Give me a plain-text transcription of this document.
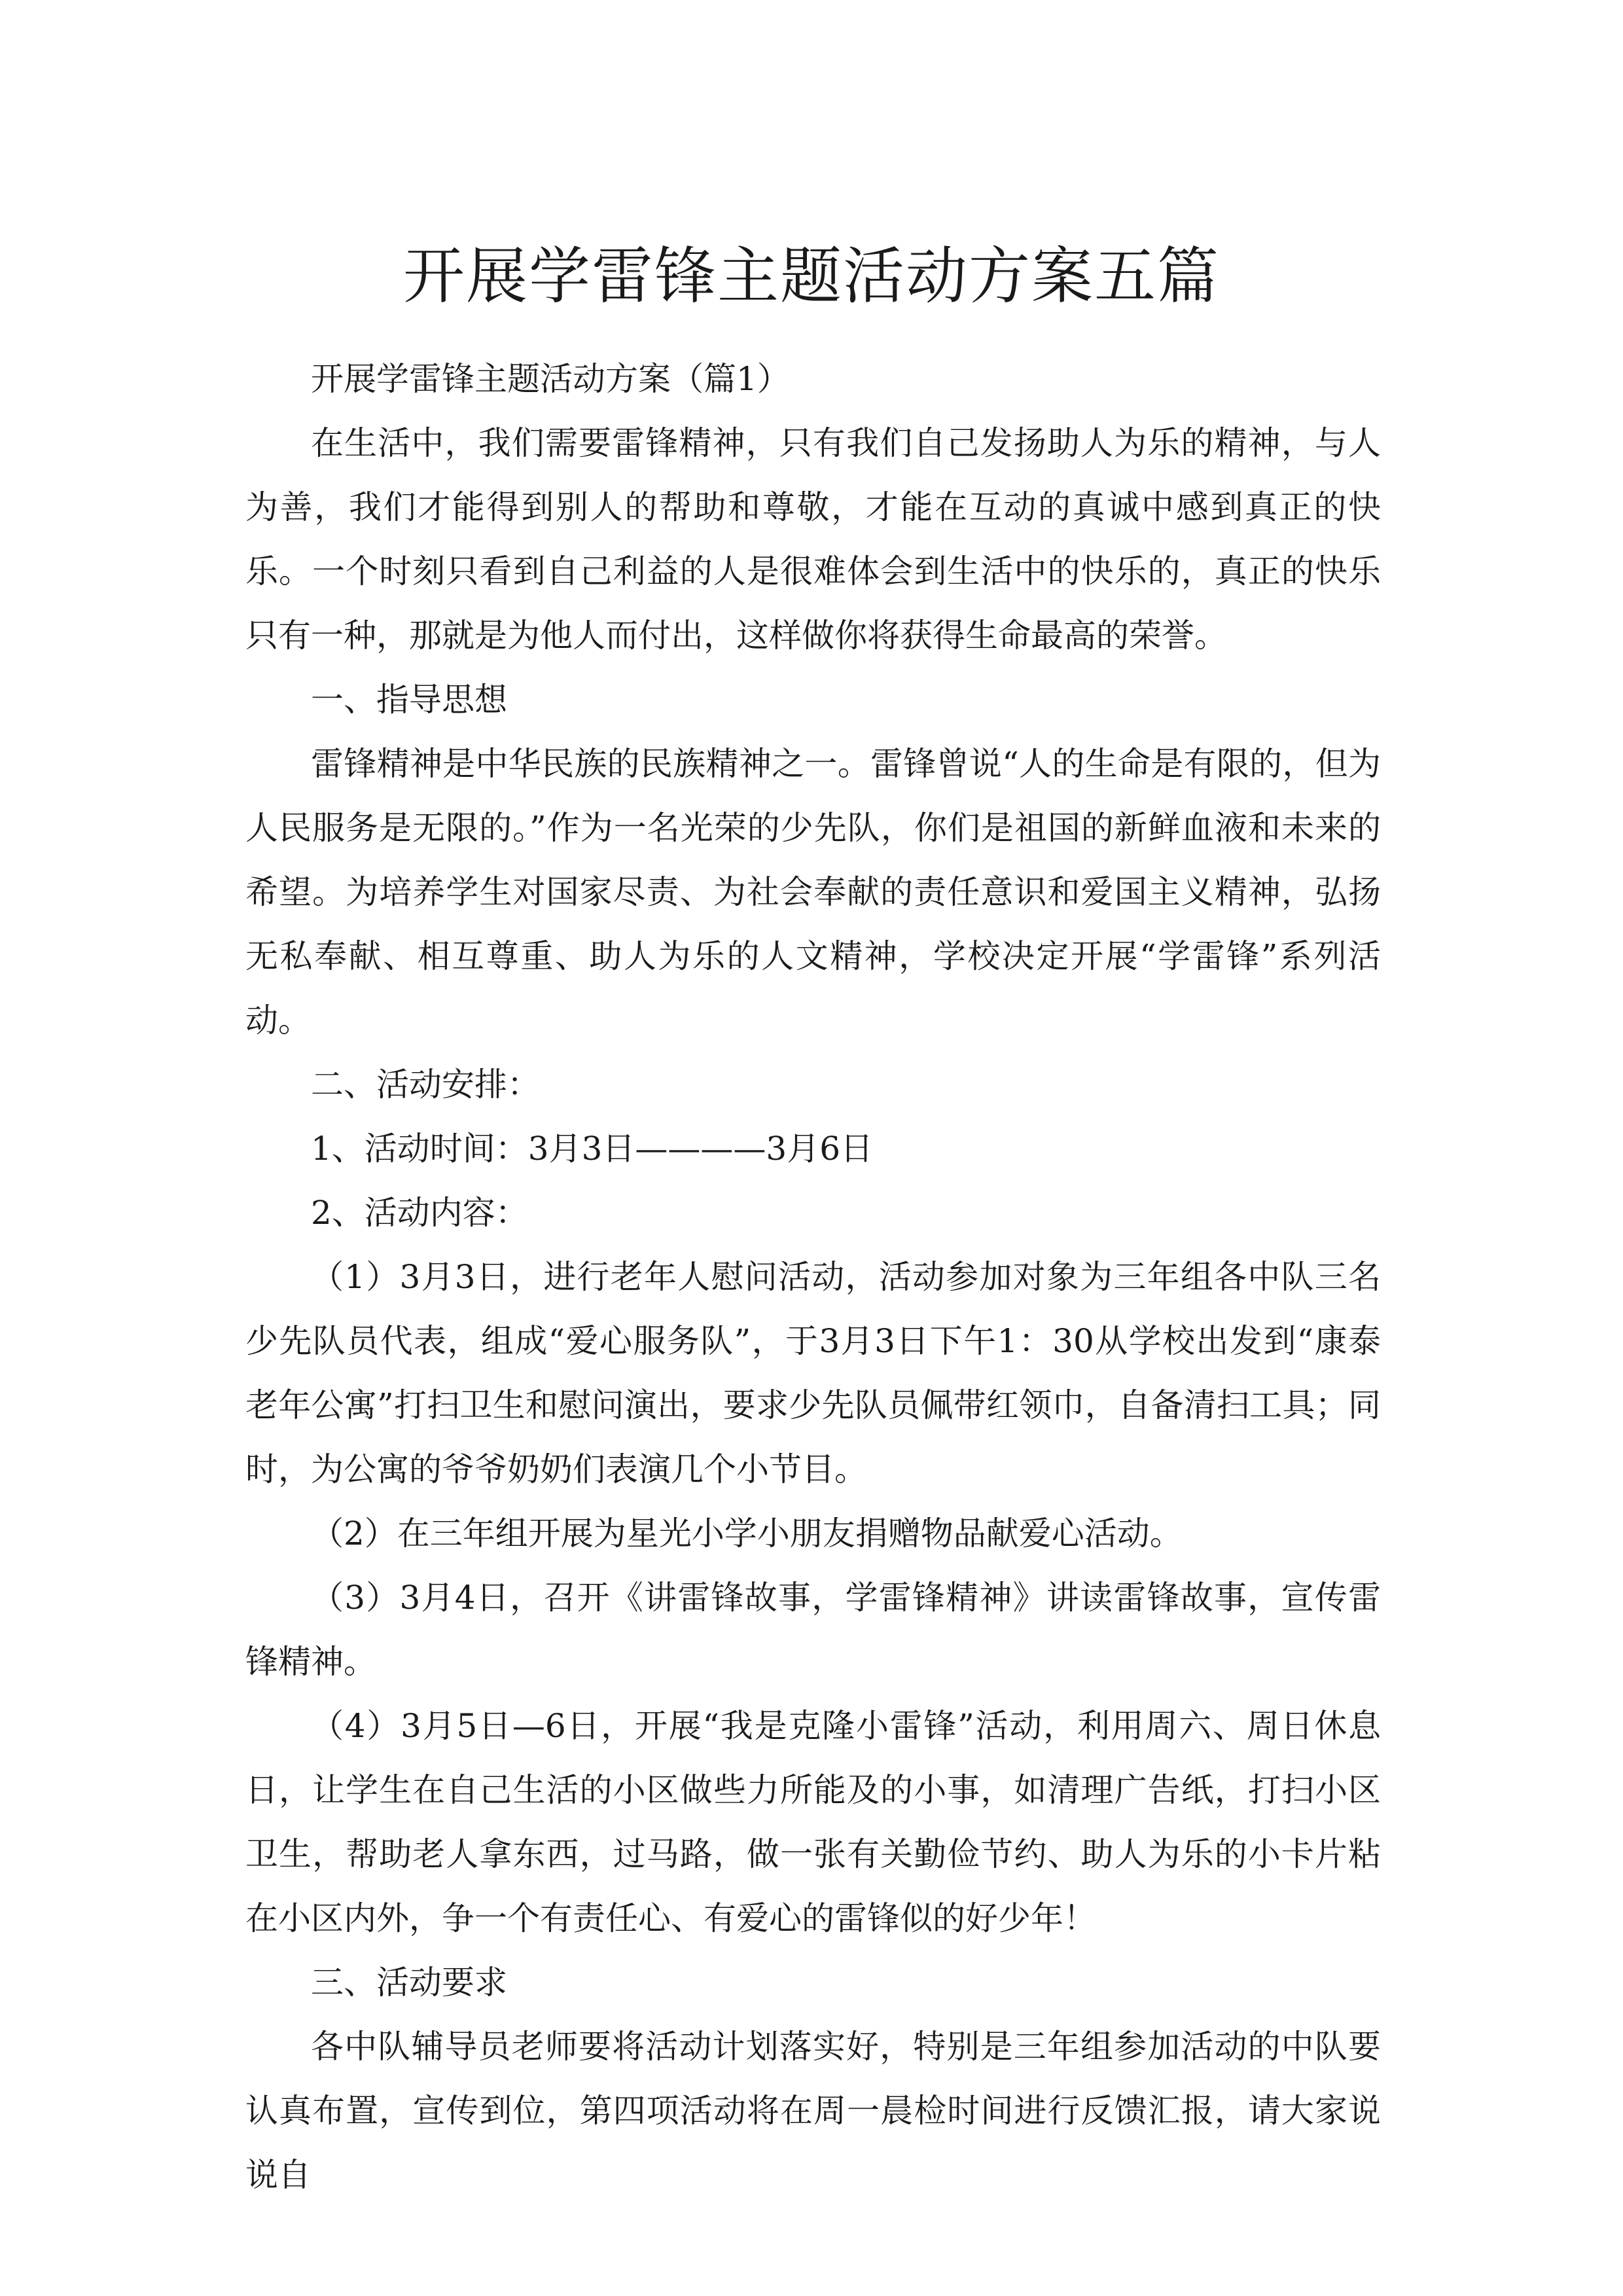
开展学雷锋主题活动方案五篇

开展学雷锋主题活动方案（篇1）

在生活中，我们需要雷锋精神，只有我们自己发扬助人为乐的精神，与人为善，我们才能得到别人的帮助和尊敬，才能在互动的真诚中感到真正的快乐。一个时刻只看到自己利益的人是很难体会到生活中的快乐的，真正的快乐只有一种，那就是为他人而付出，这样做你将获得生命最高的荣誉。

一、指导思想

雷锋精神是中华民族的民族精神之一。雷锋曾说“人的生命是有限的，但为人民服务是无限的。”作为一名光荣的少先队，你们是祖国的新鲜血液和未来的希望。为培养学生对国家尽责、为社会奉献的责任意识和爱国主义精神，弘扬无私奉献、相互尊重、助人为乐的人文精神，学校决定开展“学雷锋”系列活动。

二、活动安排：

1、活动时间：3月3日————3月6日

2、活动内容：

（1）3月3日，进行老年人慰问活动，活动参加对象为三年组各中队三名少先队员代表，组成“爱心服务队”，于3月3日下午1：30从学校出发到“康泰老年公寓”打扫卫生和慰问演出，要求少先队员佩带红领巾，自备清扫工具；同时，为公寓的爷爷奶奶们表演几个小节目。

（2）在三年组开展为星光小学小朋友捐赠物品献爱心活动。

（3）3月4日，召开《讲雷锋故事，学雷锋精神》讲读雷锋故事，宣传雷锋精神。

（4）3月5日—6日，开展“我是克隆小雷锋”活动，利用周六、周日休息日，让学生在自己生活的小区做些力所能及的小事，如清理广告纸，打扫小区卫生，帮助老人拿东西，过马路，做一张有关勤俭节约、助人为乐的小卡片粘在小区内外，争一个有责任心、有爱心的雷锋似的好少年！

三、活动要求

各中队辅导员老师要将活动计划落实好，特别是三年组参加活动的中队要认真布置，宣传到位，第四项活动将在周一晨检时间进行反馈汇报，请大家说说自
